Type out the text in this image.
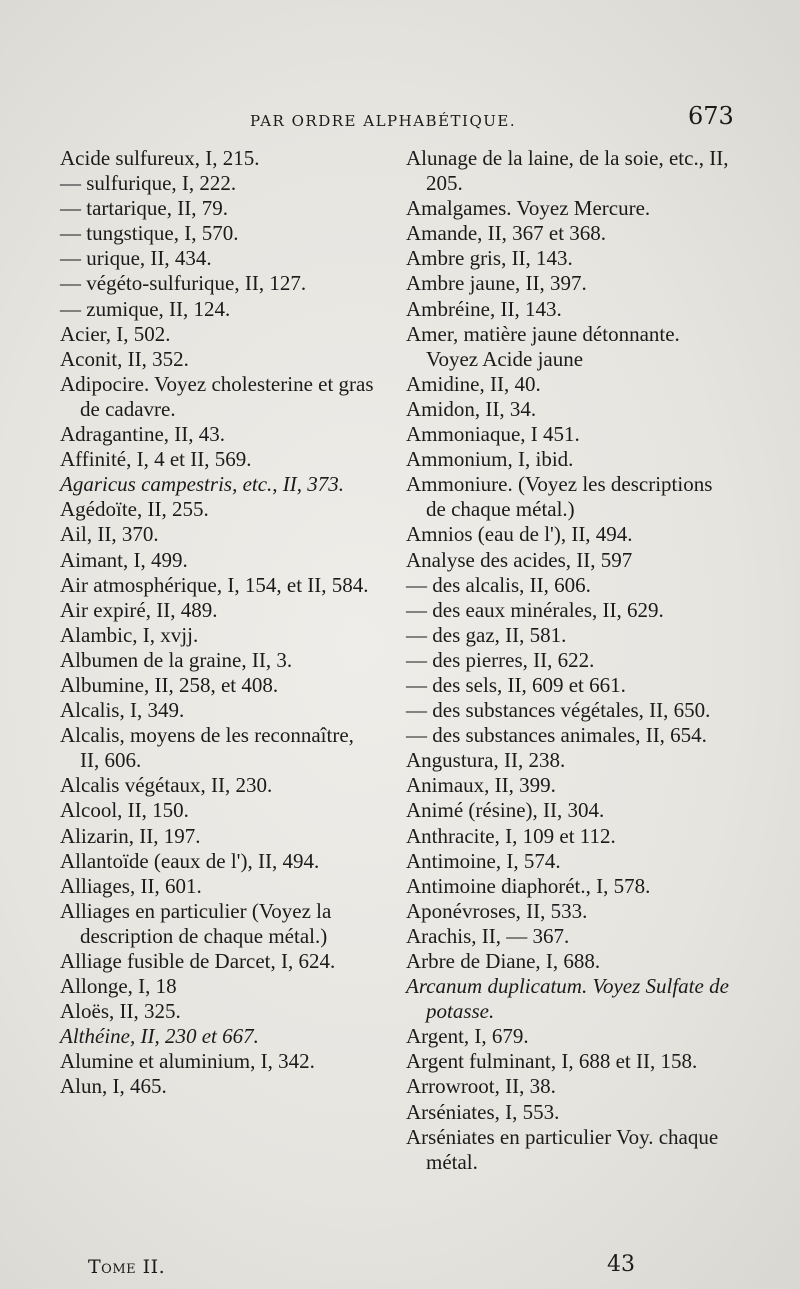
PAR ORDRE ALPHABÉTIQUE.	673
Acide sulfureux, I, 215.
— sulfurique, I, 222.
— tartarique, II, 79.
— tungstique, I, 570.
— urique, II, 434.
— végéto-sulfurique, II, 127.
— zumique, II, 124.
Acier, I, 502.
Aconit, II, 352.
Adipocire. Voyez cholesterine et gras de cadavre.
Adragantine, II, 43.
Affinité, I, 4 et II, 569.
Agaricus campestris, etc., II, 373.
Agédoïte, II, 255.
Ail, II, 370.
Aimant, I, 499.
Air atmosphérique, I, 154, et II, 584.
Air expiré, II, 489.
Alambic, I, xvjj.
Albumen de la graine, II, 3.
Albumine, II, 258, et 408.
Alcalis, I, 349.
Alcalis, moyens de les reconnaître, II, 606.
Alcalis végétaux, II, 230.
Alcool, II, 150.
Alizarin, II, 197.
Allantoïde (eaux de l'), II, 494.
Alliages, II, 601.
Alliages en particulier (Voyez la description de chaque métal.)
Alliage fusible de Darcet, I, 624.
Allonge, I, 18
Aloës, II, 325.
Althéine, II, 230 et 667.
Alumine et aluminium, I, 342.
Alun, I, 465.
Alunage de la laine, de la soie, etc., II, 205.
Amalgames. Voyez Mercure.
Amande, II, 367 et 368.
Ambre gris, II, 143.
Ambre jaune, II, 397.
Ambréine, II, 143.
Amer, matière jaune détonnante. Voyez Acide jaune
Amidine, II, 40.
Amidon, II, 34.
Ammoniaque, I 451.
Ammonium, I, ibid.
Ammoniure. (Voyez les descriptions de chaque métal.)
Amnios (eau de l'), II, 494.
Analyse des acides, II, 597
— des alcalis, II, 606.
— des eaux minérales, II, 629.
— des gaz, II, 581.
— des pierres, II, 622.
— des sels, II, 609 et 661.
— des substances végétales, II, 650.
— des substances animales, II, 654.
Angustura, II, 238.
Animaux, II, 399.
Animé (résine), II, 304.
Anthracite, I, 109 et 112.
Antimoine, I, 574.
Antimoine diaphorét., I, 578.
Aponévroses, II, 533.
Arachis, II, — 367.
Arbre de Diane, I, 688.
Arcanum duplicatum. Voyez Sulfate de potasse.
Argent, I, 679.
Argent fulminant, I, 688 et II, 158.
Arrowroot, II, 38.
Arséniates, I, 553.
Arséniates en particulier Voy. chaque métal.
Tome II.	43
